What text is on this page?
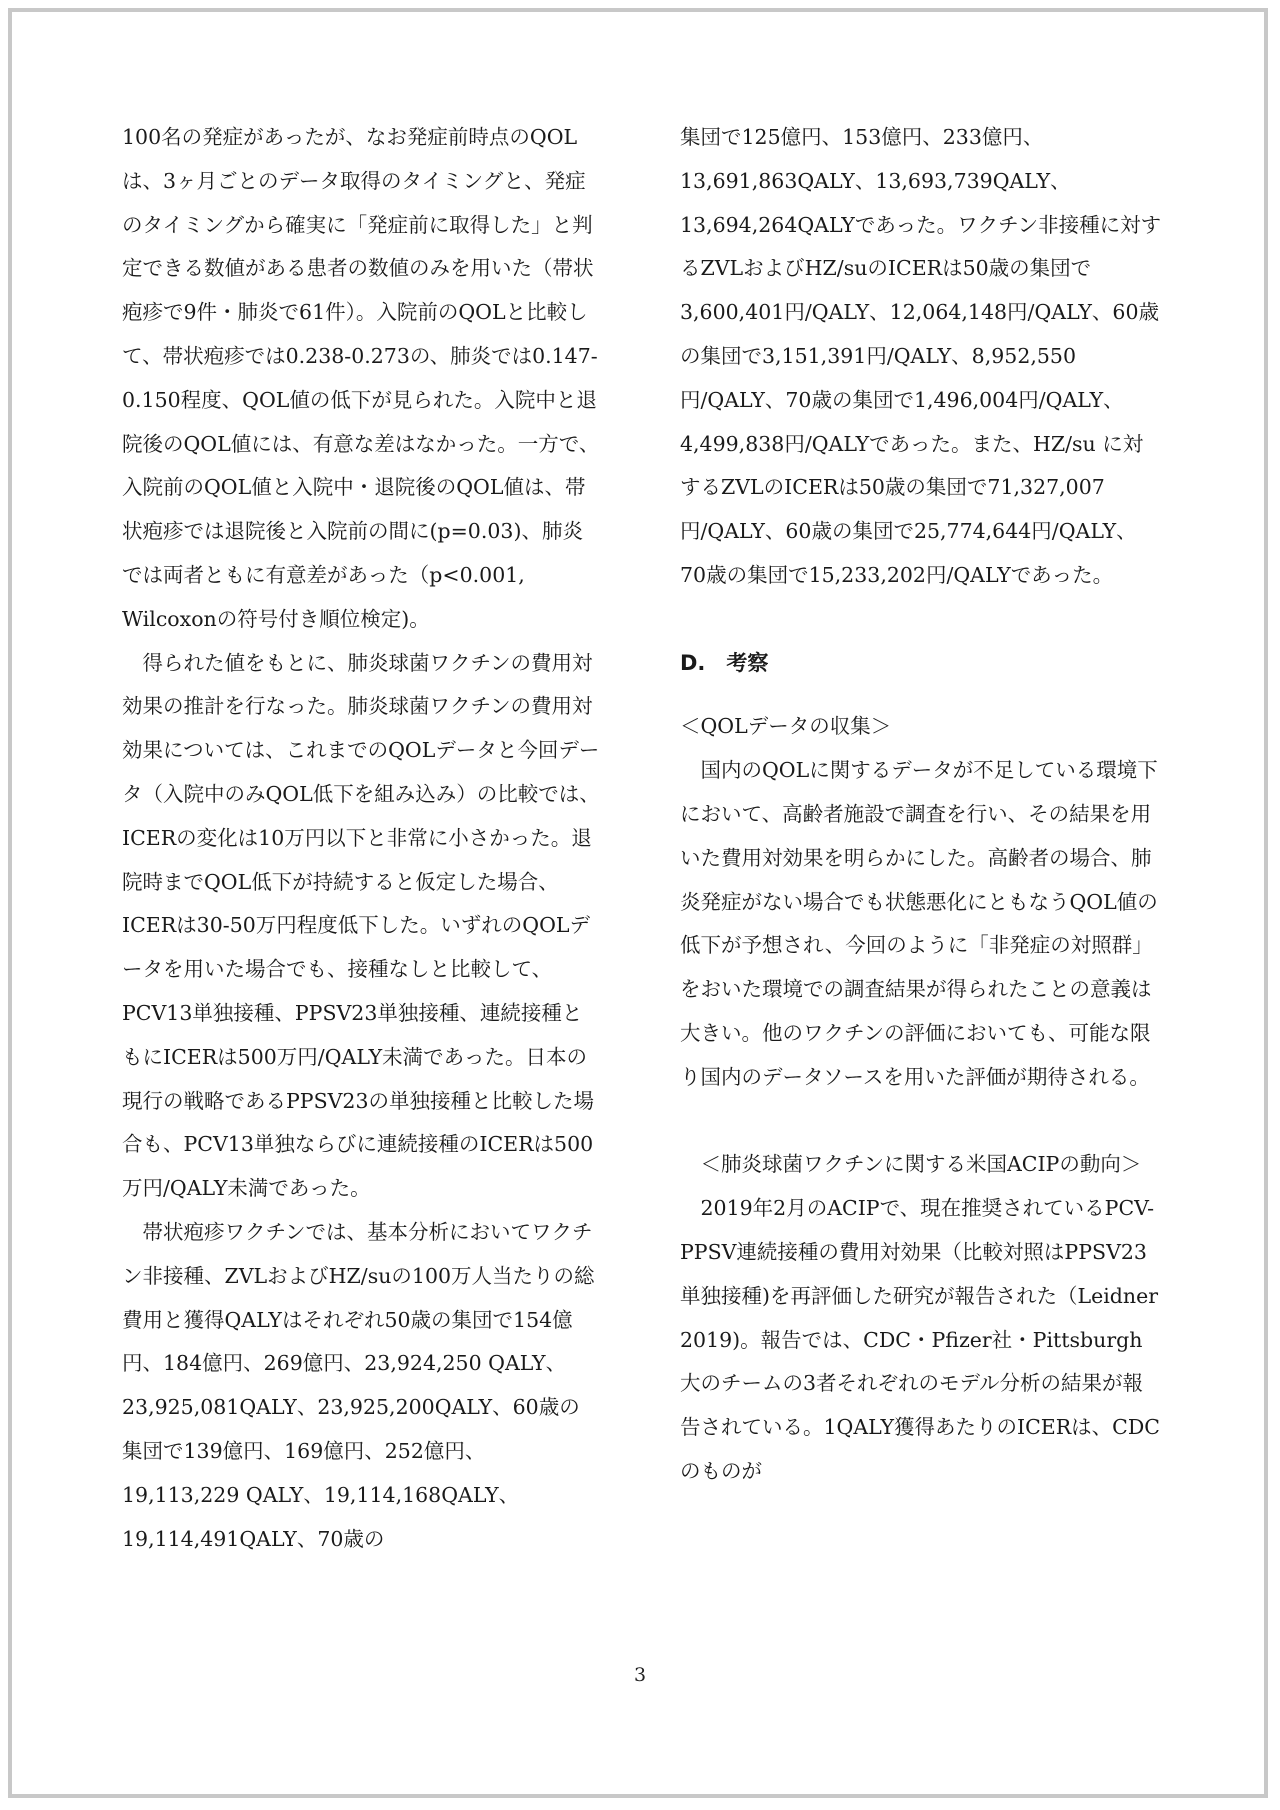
100名の発症があったが、なお発症前時点のQOLは、3ヶ月ごとのデータ取得のタイミングと、発症のタイミングから確実に「発症前に取得した」と判定できる数値がある患者の数値のみを用いた（帯状疱疹で9件・肺炎で61件）。入院前のQOLと比較して、帯状疱疹では0.238-0.273の、肺炎では0.147-0.150程度、QOL値の低下が見られた。入院中と退院後のQOL値には、有意な差はなかった。一方で、入院前のQOL値と入院中・退院後のQOL値は、帯状疱疹では退院後と入院前の間に(p=0.03)、肺炎では両者ともに有意差があった（p<0.001, Wilcoxonの符号付き順位検定)。

得られた値をもとに、肺炎球菌ワクチンの費用対効果の推計を行なった。肺炎球菌ワクチンの費用対効果については、これまでのQOLデータと今回データ（入院中のみQOL低下を組み込み）の比較では、ICERの変化は10万円以下と非常に小さかった。退院時までQOL低下が持続すると仮定した場合、ICERは30-50万円程度低下した。いずれのQOLデータを用いた場合でも、接種なしと比較して、PCV13単独接種、PPSV23単独接種、連続接種ともにICERは500万円/QALY未満であった。日本の現行の戦略であるPPSV23の単独接種と比較した場合も、PCV13単独ならびに連続接種のICERは500万円/QALY未満であった。

帯状疱疹ワクチンでは、基本分析においてワクチン非接種、ZVLおよびHZ/suの100万人当たりの総費用と獲得QALYはそれぞれ50歳の集団で154億円、184億円、269億円、23,924,250 QALY、23,925,081QALY、23,925,200QALY、60歳の集団で139億円、169億円、252億円、19,113,229 QALY、19,114,168QALY、19,114,491QALY、70歳の

集団で125億円、153億円、233億円、13,691,863QALY、13,693,739QALY、13,694,264QALYであった。ワクチン非接種に対するZVLおよびHZ/suのICERは50歳の集団で3,600,401円/QALY、12,064,148円/QALY、60歳の集団で3,151,391円/QALY、8,952,550円/QALY、70歳の集団で1,496,004円/QALY、4,499,838円/QALYであった。また、HZ/su に対するZVLのICERは50歳の集団で71,327,007円/QALY、60歳の集団で25,774,644円/QALY、70歳の集団で15,233,202円/QALYであった。

D.　考察

＜QOLデータの収集＞

国内のQOLに関するデータが不足している環境下において、高齢者施設で調査を行い、その結果を用いた費用対効果を明らかにした。高齢者の場合、肺炎発症がない場合でも状態悪化にともなうQOL値の低下が予想され、今回のように「非発症の対照群」をおいた環境での調査結果が得られたことの意義は大きい。他のワクチンの評価においても、可能な限り国内のデータソースを用いた評価が期待される。

＜肺炎球菌ワクチンに関する米国ACIPの動向＞

2019年2月のACIPで、現在推奨されているPCV-PPSV連続接種の費用対効果（比較対照はPPSV23単独接種)を再評価した研究が報告された（Leidner 2019)。報告では、CDC・Pfizer社・Pittsburgh大のチームの3者それぞれのモデル分析の結果が報告されている。1QALY獲得あたりのICERは、CDCのものが

3
